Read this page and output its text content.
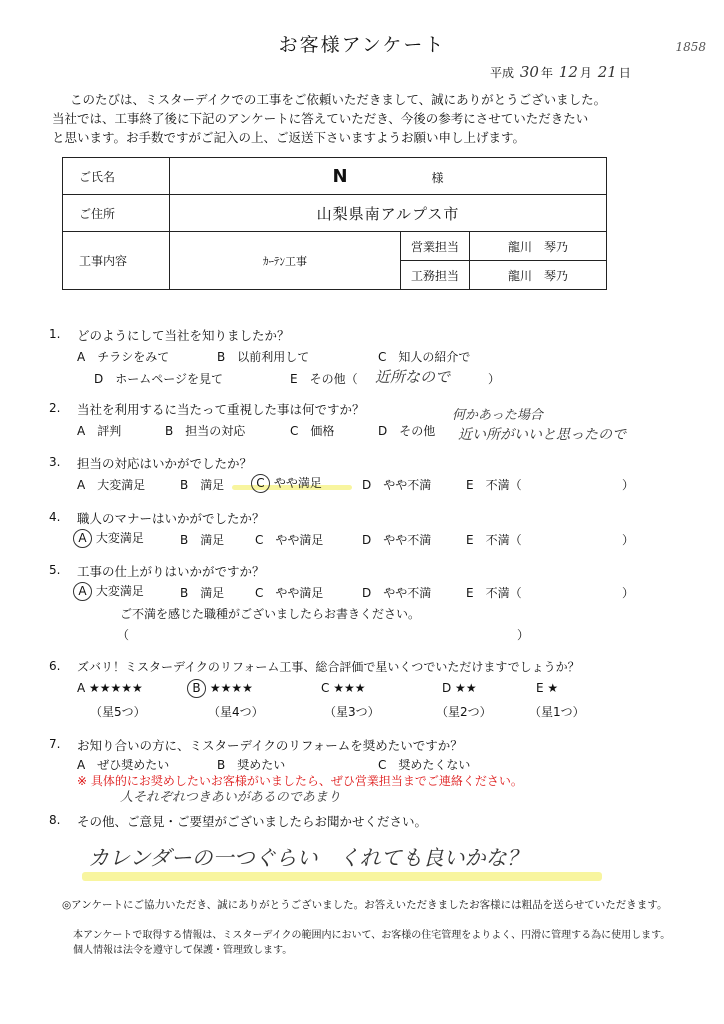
お客様アンケート	1858
平成 30 年 12 月 21 日

このたびは、ミスターデイクでの工事をご依頼いただきまして、誠にありがとうございました。

当社では、工事終了後に下記のアンケートに答えていただき、今後の参考にさせていただきたい

と思います。お手数ですがご記入の上、ご返送下さいますようお願い申し上げます。

ご氏名	N 様		
ご住所	山梨県南アルプス市		
工事内容	ｶｰﾃﾝ工事	営業担当	龍川　琴乃
		工務担当	龍川　琴乃
1. どのようにして当社を知りましたか？
A　チラシをみて	B　以前利用して	C　知人の紹介で
D　ホームページを見て	E　その他（ 近所なので	）
2. 当社を利用するに当たって重視した事は何ですか？
A　評判	B　担当の対応	C　価格	D　その他
何かあった場合
近い所がいいと思ったので
3. 担当の対応はいかがでしたか？
A　大変満足	B　満足	C やや満足	D　やや不満	E　不満（	）
4. 職人のマナーはいかがでしたか？
A 大変満足	B　満足	C　やや満足	D　やや不満	E　不満（	）
5. 工事の仕上がりはいかがですか？
A 大変満足	B　満足	C　やや満足	D　やや不満	E　不満（	）
ご不満を感じた職種がございましたらお書きください。
（	）
6. ズバリ！ミスターデイクのリフォーム工事、総合評価で星いくつでいただけますでしょうか？
A ★★★★★	B ★★★★	C ★★★	D ★★	E ★
（星5つ）	（星4つ）	（星3つ）	（星2つ）	（星1つ）
7. お知り合いの方に、ミスターデイクのリフォームを奨めたいですか？
A　ぜひ奨めたい	B　奨めたい	C　奨めたくない
※ 具体的にお奨めしたいお客様がいましたら、ぜひ営業担当までご連絡ください。
人それぞれつきあいがあるのであまり
8. その他、ご意見・ご要望がございましたらお聞かせください。
カレンダーの一つぐらい　くれても良いかな？
◎アンケートにご協力いただき、誠にありがとうございました。お答えいただきましたお客様には粗品を送らせていただきます。
本アンケートで取得する情報は、ミスターデイクの範囲内において、お客様の住宅管理をよりよく、円滑に管理する為に使用します。
個人情報は法令を遵守して保護・管理致します。
